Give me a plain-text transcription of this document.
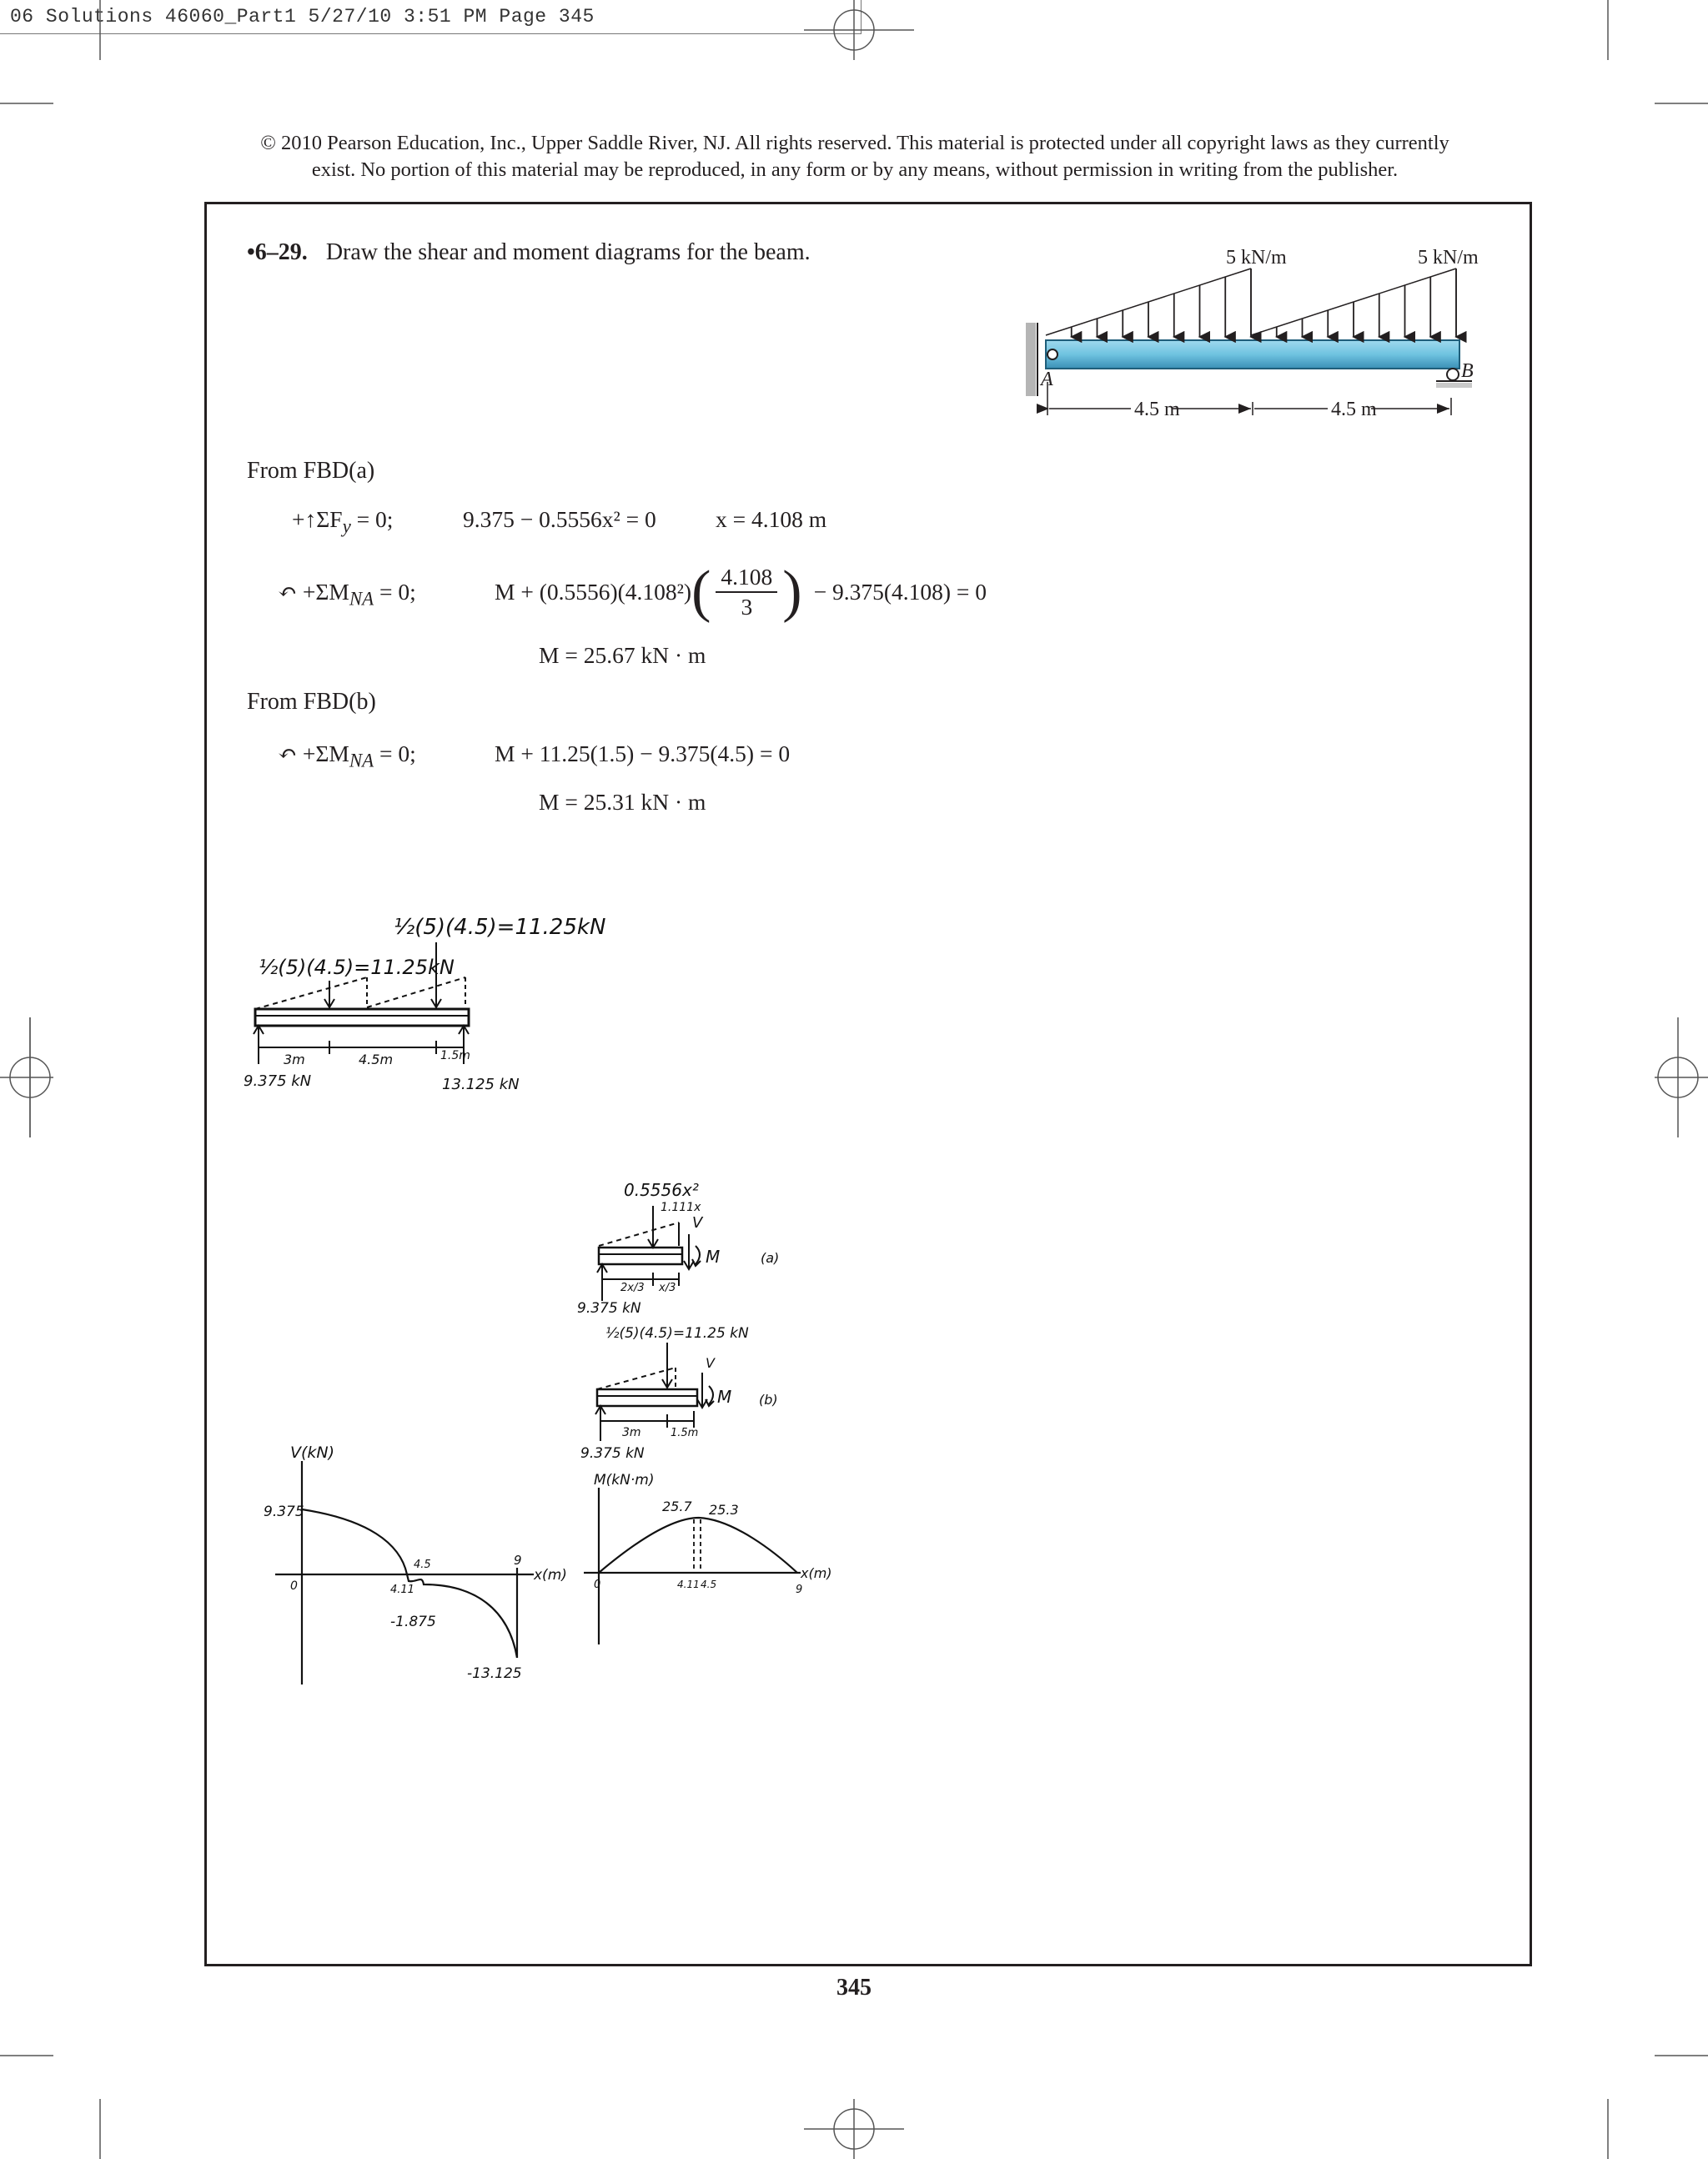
06 Solutions 46060_Part1 5/27/10 3:51 PM Page 345
© 2010 Pearson Education, Inc., Upper Saddle River, NJ. All rights reserved. This material is protected under all copyright laws as they currently
exist. No portion of this material may be reproduced, in any form or by any means, without permission in writing from the publisher.
•6–29. Draw the shear and moment diagrams for the beam.	5 kN/m	5 kN/m
A	B
4.5 m	4.5 m
From FBD(a)
$+↑\Sigma F_y = 0$;	9.375 − 0.5556x² = 0	x = 4.108 m
↶ $+\Sigma M_{NA} = 0$;	M + (0.5556)(4.108²) ( $\frac{4.108}{3}$ ) − 9.375(4.108) = 0
M = 25.67 kN · m
From FBD(b)
↶ $+\Sigma M_{NA} = 0$;	M + 11.25(1.5) − 9.375(4.5) = 0
M = 25.31 kN · m
½(5)(4.5)=11.25kN
½(5)(4.5)=11.25kN
3m	4.5m	1.5m
9.375 kN	13.125 kN
0.5556x²
1.111x
V
M	(a)
2x/3 x/3
9.375 kN
½(5)(4.5)=11.25 kN
V
M (b)
3m	1.5m
9.375 kN
V(kN)
9.375
4.5	9
x(m)
0	4.11
-1.875
-13.125
M(kN·m)
25.7 25.3
x(m)
0	4.11 4.5	9
345
